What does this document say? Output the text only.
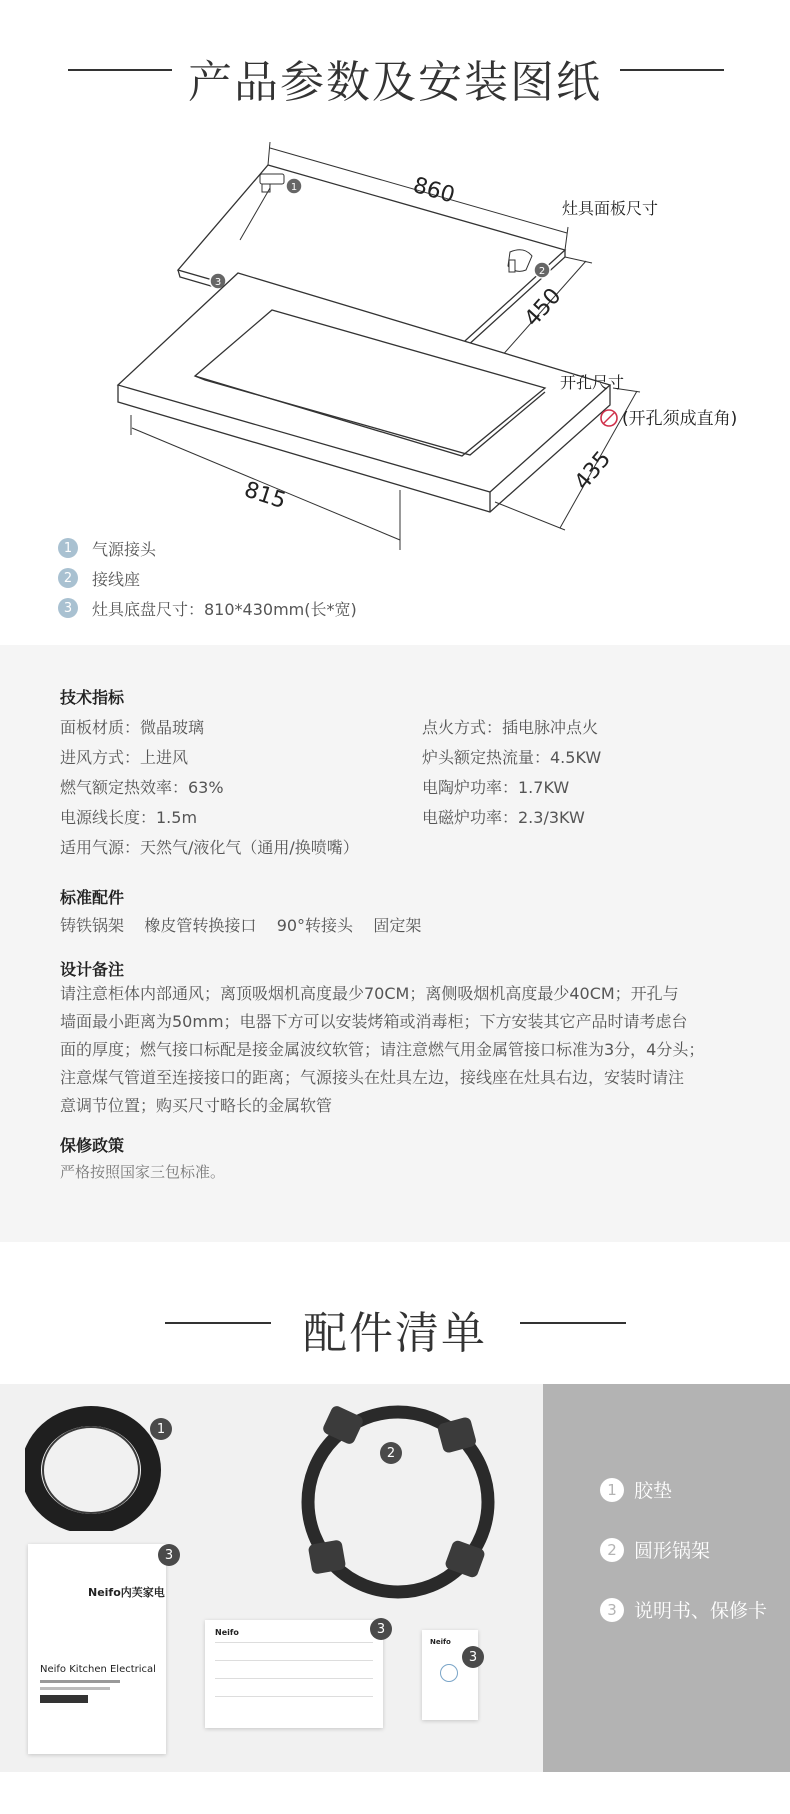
产品参数及安装图纸
1
2
3
860
450
灶具面板尺寸
815
435
开孔尺寸
(开孔须成直角)
1	气源接头
2	接线座
3	灶具底盘尺寸：810*430mm(长*宽)
技术指标
面板材质：微晶玻璃
进风方式：上进风
燃气额定热效率：63%
电源线长度：1.5m
适用气源：天然气/液化气（通用/换喷嘴）
点火方式：插电脉冲点火
炉头额定热流量：4.5KW
电陶炉功率：1.7KW
电磁炉功率：2.3/3KW
标准配件
铸铁锅架    橡皮管转换接口    90°转接头    固定架
设计备注
请注意柜体内部通风；离顶吸烟机高度最少70CM；离侧吸烟机高度最少40CM；开孔与
墙面最小距离为50mm；电器下方可以安装烤箱或消毒柜；下方安装其它产品时请考虑台
面的厚度；燃气接口标配是接金属波纹软管；请注意燃气用金属管接口标准为3分，4分头；
注意煤气管道至连接接口的距离；气源接头在灶具左边，接线座在灶具右边，安装时请注
意调节位置；购买尺寸略长的金属软管
保修政策
严格按照国家三包标准。
配件清单
Neifo内芙家电
Neifo Kitchen Electrical
Neifo
Neifo
1
2
3
3
3
1 胶垫
2 圆形锅架
3 说明书、保修卡
